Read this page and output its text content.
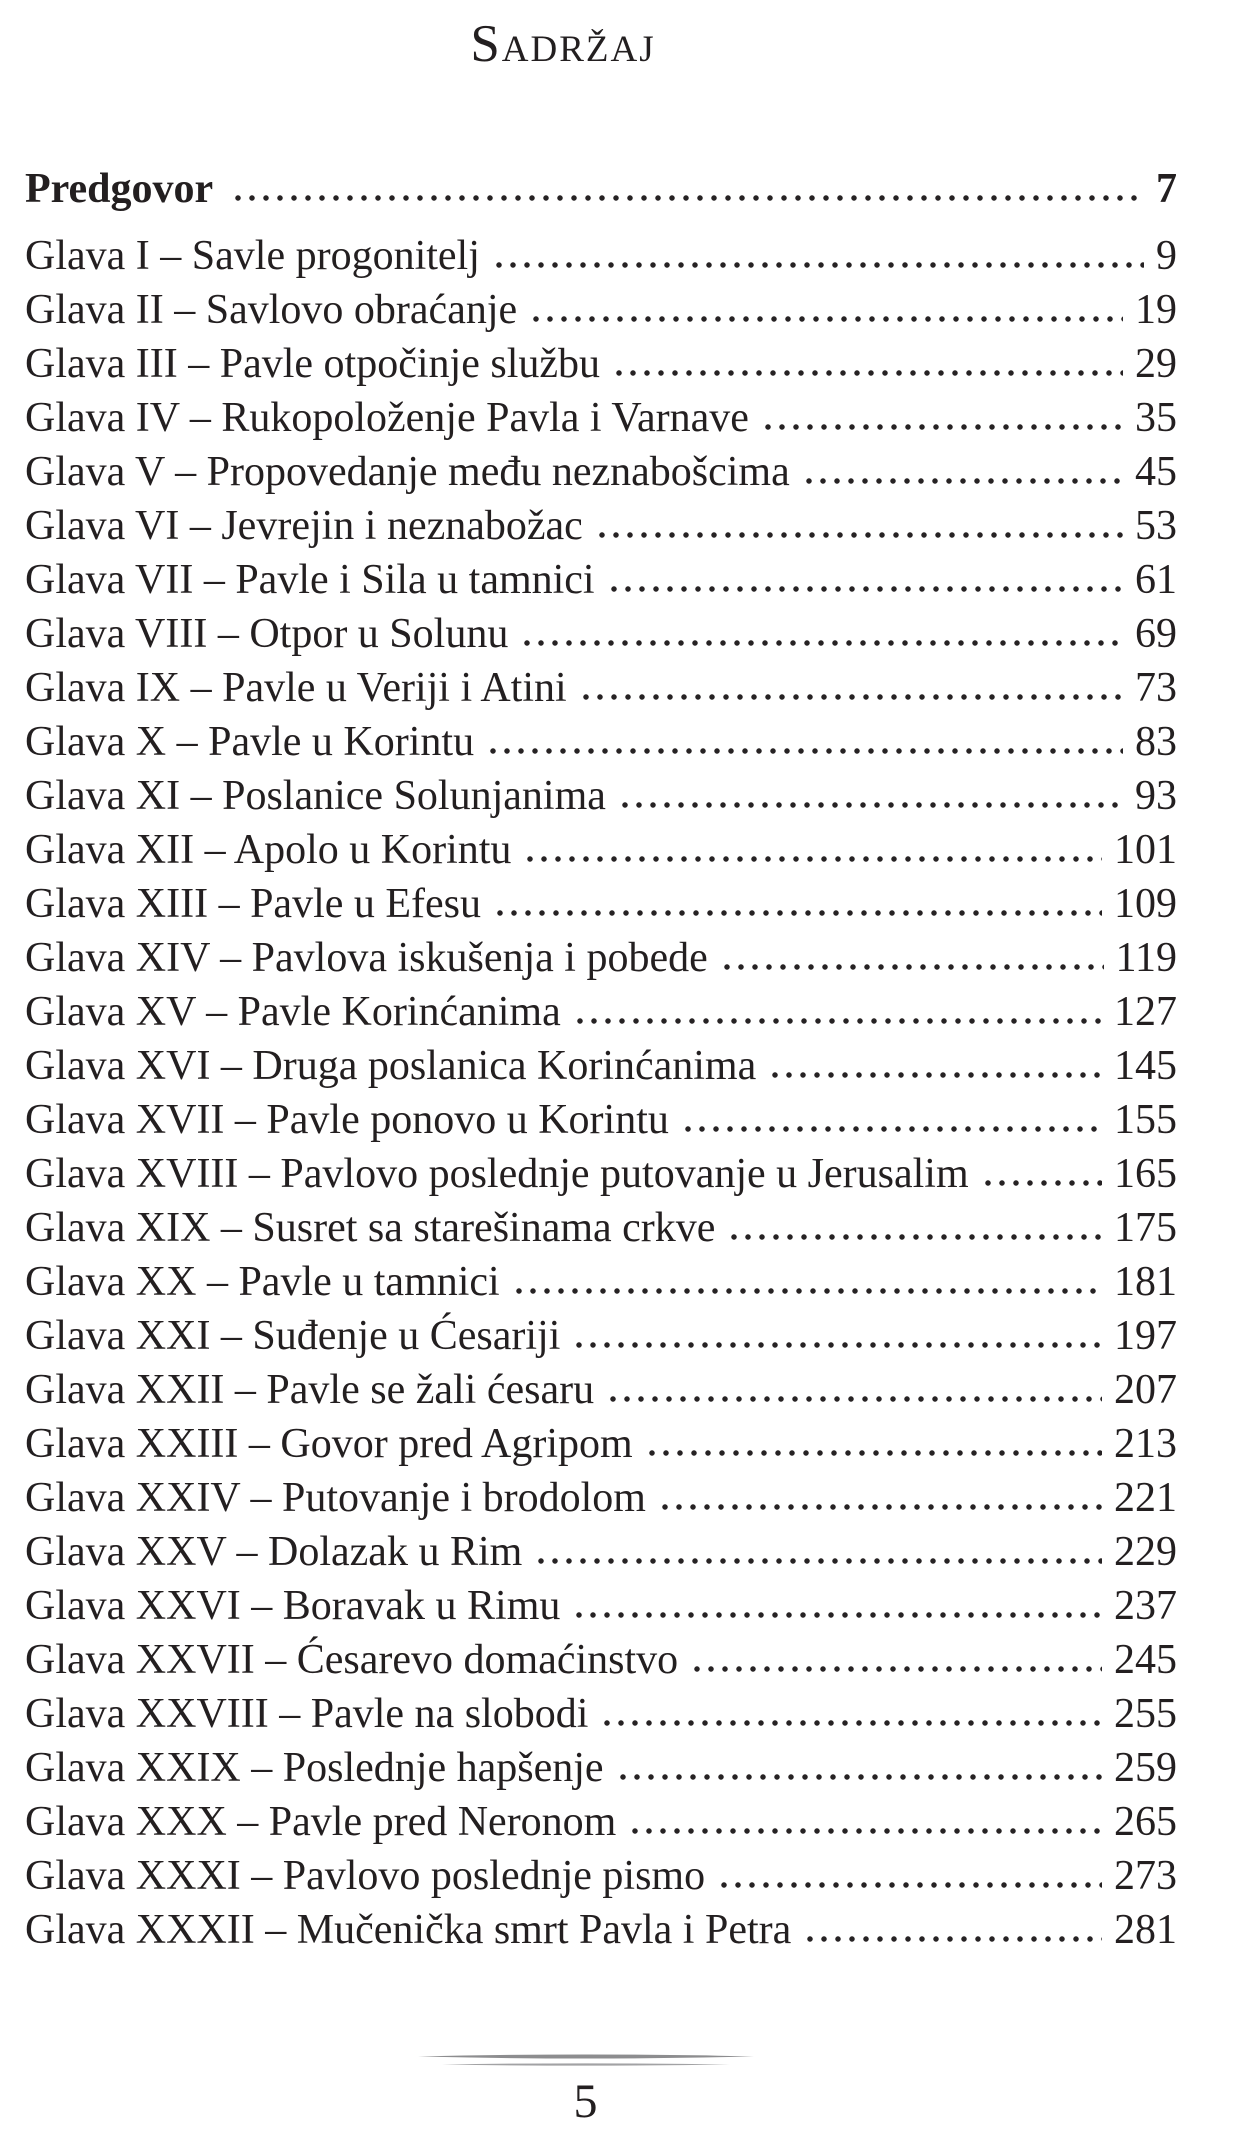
Sadržaj
Predgovor	7
Glava I – Savle progonitelj	9
Glava II – Savlovo obraćanje	19
Glava III – Pavle otpočinje službu	29
Glava IV – Rukopoloženje Pavla i Varnave	35
Glava V – Propovedanje među neznabošcima	45
Glava VI – Jevrejin i neznabožac	53
Glava VII – Pavle i Sila u tamnici	61
Glava VIII – Otpor u Solunu	69
Glava IX – Pavle u Veriji i Atini	73
Glava X – Pavle u Korintu	83
Glava XI – Poslanice Solunjanima	93
Glava XII – Apolo u Korintu	101
Glava XIII – Pavle u Efesu	109
Glava XIV – Pavlova iskušenja i pobede	119
Glava XV – Pavle Korinćanima	127
Glava XVI – Druga poslanica Korinćanima	145
Glava XVII – Pavle ponovo u Korintu	155
Glava XVIII – Pavlovo poslednje putovanje u Jerusalim	165
Glava XIX – Susret sa starešinama crkve	175
Glava XX – Pavle u tamnici	181
Glava XXI – Suđenje u Ćesariji	197
Glava XXII – Pavle se žali ćesaru	207
Glava XXIII – Govor pred Agripom	213
Glava XXIV – Putovanje i brodolom	221
Glava XXV – Dolazak u Rim	229
Glava XXVI – Boravak u Rimu	237
Glava XXVII – Ćesarevo domaćinstvo	245
Glava XXVIII – Pavle na slobodi	255
Glava XXIX – Poslednje hapšenje	259
Glava XXX – Pavle pred Neronom	265
Glava XXXI – Pavlovo poslednje pismo	273
Glava XXXII – Mučenička smrt Pavla i Petra	281
5
